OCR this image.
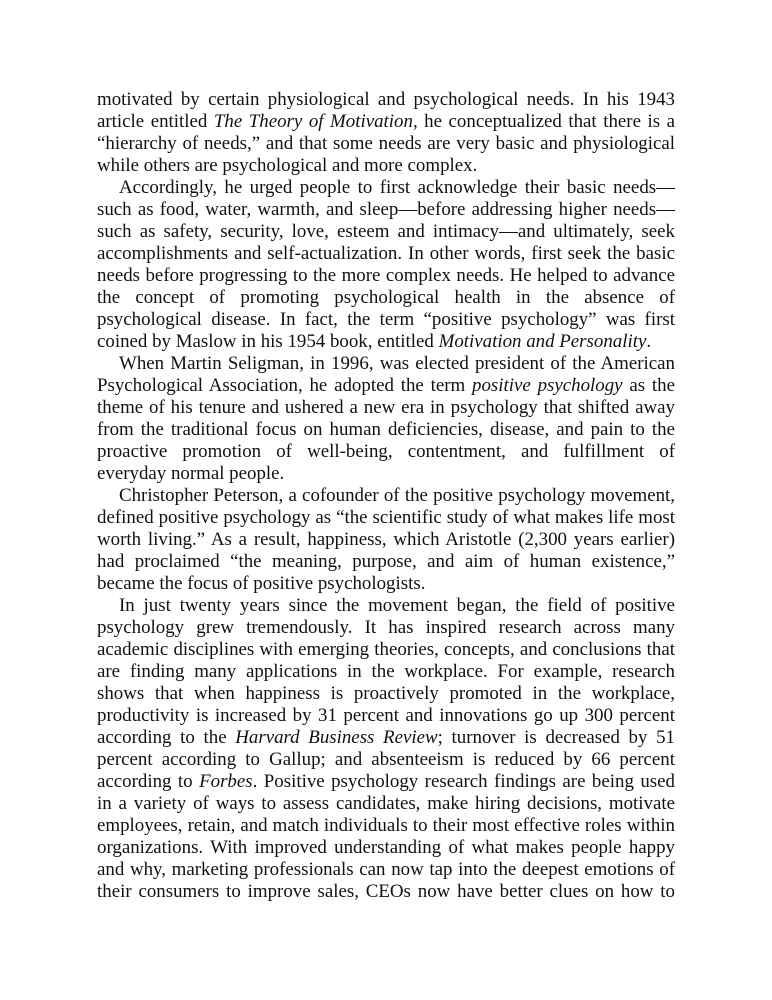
motivated by certain physiological and psychological needs. In his 1943
article entitled The Theory of Motivation, he conceptualized that there is a
“hierarchy of needs,” and that some needs are very basic and physiological
while others are psychological and more complex.
Accordingly, he urged people to first acknowledge their basic needs—
such as food, water, warmth, and sleep—before addressing higher needs—
such as safety, security, love, esteem and intimacy—and ultimately, seek
accomplishments and self-actualization. In other words, first seek the basic
needs before progressing to the more complex needs. He helped to advance
the concept of promoting psychological health in the absence of
psychological disease. In fact, the term “positive psychology” was first
coined by Maslow in his 1954 book, entitled Motivation and Personality.
When Martin Seligman, in 1996, was elected president of the American
Psychological Association, he adopted the term positive psychology as the
theme of his tenure and ushered a new era in psychology that shifted away
from the traditional focus on human deficiencies, disease, and pain to the
proactive promotion of well-being, contentment, and fulfillment of
everyday normal people.
Christopher Peterson, a cofounder of the positive psychology movement,
defined positive psychology as “the scientific study of what makes life most
worth living.” As a result, happiness, which Aristotle (2,300 years earlier)
had proclaimed “the meaning, purpose, and aim of human existence,”
became the focus of positive psychologists.
In just twenty years since the movement began, the field of positive
psychology grew tremendously. It has inspired research across many
academic disciplines with emerging theories, concepts, and conclusions that
are finding many applications in the workplace. For example, research
shows that when happiness is proactively promoted in the workplace,
productivity is increased by 31 percent and innovations go up 300 percent
according to the Harvard Business Review; turnover is decreased by 51
percent according to Gallup; and absenteeism is reduced by 66 percent
according to Forbes. Positive psychology research findings are being used
in a variety of ways to assess candidates, make hiring decisions, motivate
employees, retain, and match individuals to their most effective roles within
organizations. With improved understanding of what makes people happy
and why, marketing professionals can now tap into the deepest emotions of
their consumers to improve sales, CEOs now have better clues on how to
